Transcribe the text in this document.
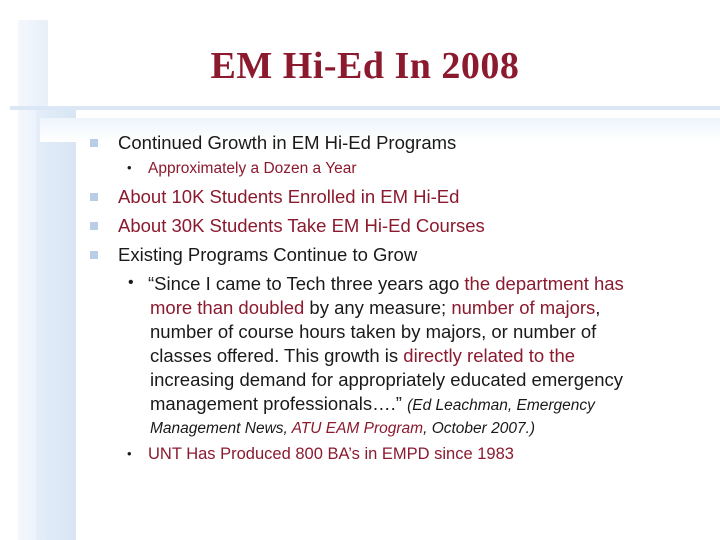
EM Hi-Ed In 2008
Continued Growth in EM Hi-Ed Programs
• Approximately a Dozen a Year
About 10K Students Enrolled in EM Hi-Ed
About 30K Students Take EM Hi-Ed Courses
Existing Programs Continue to Grow
• “Since I came to Tech three years ago the department has
more than doubled by any measure; number of majors,
number of course hours taken by majors, or number of
classes offered. This growth is directly related to the
increasing demand for appropriately educated emergency
management professionals….” (Ed Leachman, Emergency
Management News, ATU EAM Program, October 2007.)
• UNT Has Produced 800 BA’s in EMPD since 1983
